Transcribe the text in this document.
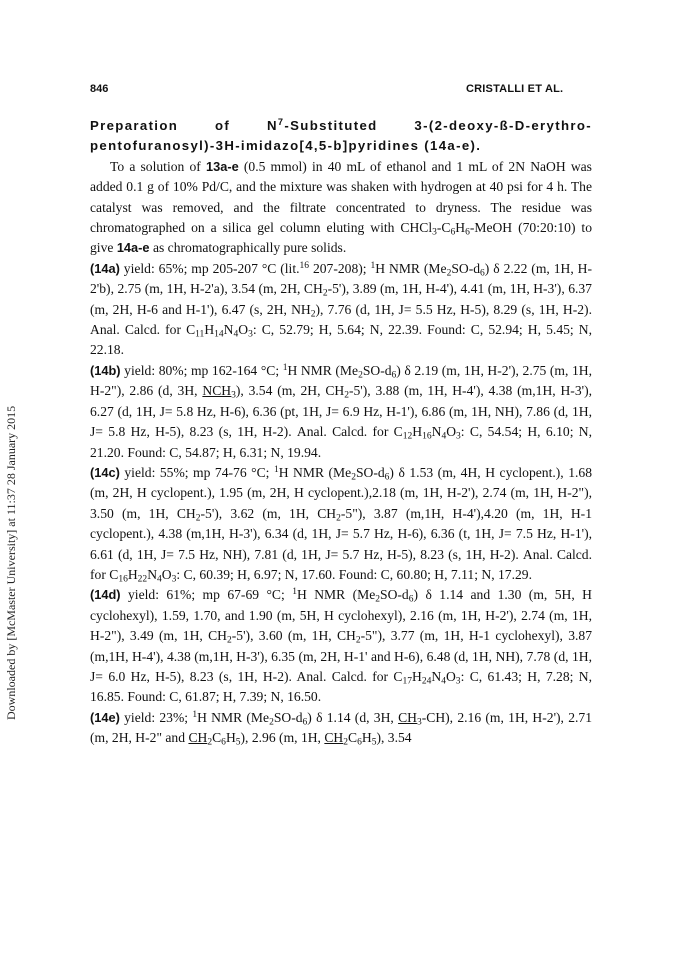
846	CRISTALLI ET AL.
Downloaded by [McMaster University] at 11:37 28 January 2015

Preparation of $N^7$-Substituted 3-(2-deoxy-ß-D-erythro-pentofuranosyl)-3H-imidazo[4,5-b]pyridines (14a-e).

To a solution of 13a-e (0.5 mmol) in 40 mL of ethanol and 1 mL of 2N NaOH was added 0.1 g of 10% Pd/C, and the mixture was shaken with hydrogen at 40 psi for 4 h. The catalyst was removed, and the filtrate concentrated to dryness. The residue was chromatographed on a silica gel column eluting with $CHCl_3-C_6H_6$-MeOH (70:20:10) to give 14a-e as chromatographically pure solids.

(14a) yield: 65%; mp 205-207 °C (lit.$^{16}$ 207-208); $^1$H NMR $(Me_2SO-d_6)$ δ 2.22 (m, 1H, H-2'b), 2.75 (m, 1H, H-2'a), 3.54 (m, 2H, $CH_2-5'$), 3.89 (m, 1H, H-4'), 4.41 (m, 1H, H-3'), 6.37 (m, 2H, H-6 and H-1'), 6.47 (s, 2H, $NH_2$), 7.76 (d, 1H, J= 5.5 Hz, H-5), 8.29 (s, 1H, H-2). Anal. Calcd. for $C_{11}H_{14}N_4O_3$: C, 52.79; H, 5.64; N, 22.39. Found: C, 52.94; H, 5.45; N, 22.18.

(14b) yield: 80%; mp 162-164 °C; $^1$H NMR $(Me_2SO-d_6)$ δ 2.19 (m, 1H, H-2'), 2.75 (m, 1H, H-2"), 2.86 (d, 3H, $NCH_3$), 3.54 (m, 2H, $CH_2-5'$), 3.88 (m, 1H, H-4'), 4.38 (m,1H, H-3'), 6.27 (d, 1H, J= 5.8 Hz, H-6), 6.36 (pt, 1H, J= 6.9 Hz, H-1'), 6.86 (m, 1H, NH), 7.86 (d, 1H, J= 5.8 Hz, H-5), 8.23 (s, 1H, H-2). Anal. Calcd. for $C_{12}H_{16}N_4O_3$: C, 54.54; H, 6.10; N, 21.20. Found: C, 54.87; H, 6.31; N, 19.94.

(14c) yield: 55%; mp 74-76 °C; $^1$H NMR $(Me_2SO-d_6)$ δ 1.53 (m, 4H, H cyclopent.), 1.68 (m, 2H, H cyclopent.), 1.95 (m, 2H, H cyclopent.),2.18 (m, 1H, H-2'), 2.74 (m, 1H, H-2"), 3.50 (m, 1H, $CH_2-5'$), 3.62 (m, 1H, $CH_2-5$"), 3.87 (m,1H, H-4'),4.20 (m, 1H, H-1 cyclopent.), 4.38 (m,1H, H-3'), 6.34 (d, 1H, J= 5.7 Hz, H-6), 6.36 (t, 1H, J= 7.5 Hz, H-1'), 6.61 (d, 1H, J= 7.5 Hz, NH), 7.81 (d, 1H, J= 5.7 Hz, H-5), 8.23 (s, 1H, H-2). Anal. Calcd. for $C_{16}H_{22}N_4O_3$: C, 60.39; H, 6.97; N, 17.60. Found: C, 60.80; H, 7.11; N, 17.29.

(14d) yield: 61%; mp 67-69 °C; $^1$H NMR $(Me_2SO-d_6)$ δ 1.14 and 1.30 (m, 5H, H cyclohexyl), 1.59, 1.70, and 1.90 (m, 5H, H cyclohexyl), 2.16 (m, 1H, H-2'), 2.74 (m, 1H, H-2"), 3.49 (m, 1H, $CH_2-5'$), 3.60 (m, 1H, $CH_2-5$"), 3.77 (m, 1H, H-1 cyclohexyl), 3.87 (m,1H, H-4'), 4.38 (m,1H, H-3'), 6.35 (m, 2H, H-1' and H-6), 6.48 (d, 1H, NH), 7.78 (d, 1H, J= 6.0 Hz, H-5), 8.23 (s, 1H, H-2). Anal. Calcd. for $C_{17}H_{24}N_4O_3$: C, 61.43; H, 7.28; N, 16.85. Found: C, 61.87; H, 7.39; N, 16.50.

(14e) yield: 23%; $^1$H NMR $(Me_2SO-d_6)$ δ 1.14 (d, 3H, $CH_3-CH$), 2.16 (m, 1H, H-2'), 2.71 (m, 2H, H-2" and $CH_2C_6H_5$), 2.96 (m, 1H, $CH_2C_6H_5$), 3.54
